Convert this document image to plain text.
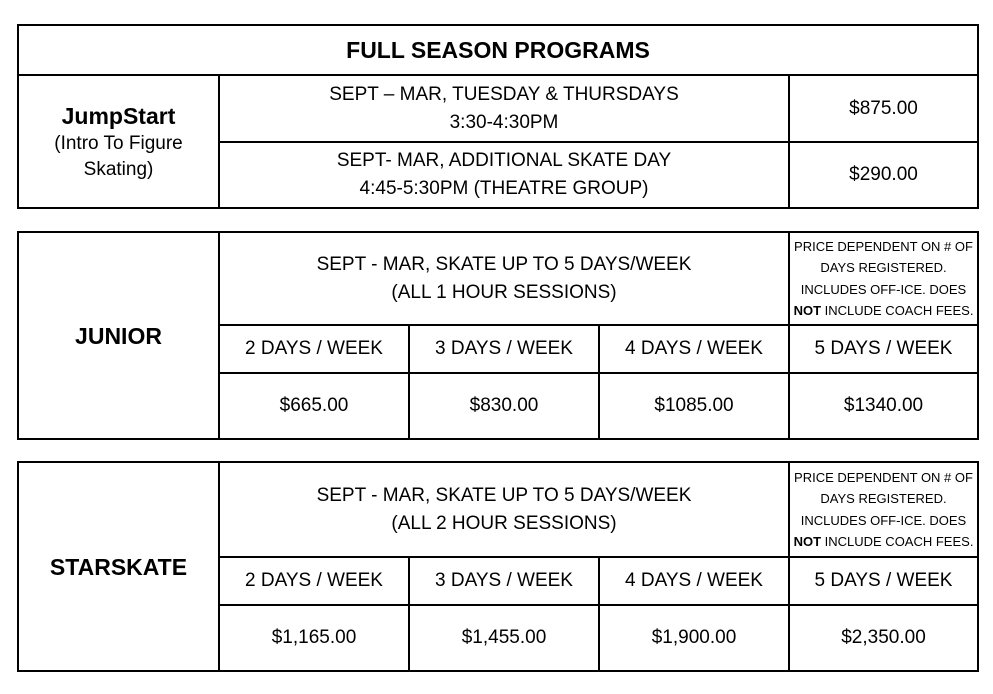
FULL SEASON PROGRAMS		

JumpStart
(Intro To Figure
Skating)	SEPT – MAR, TUESDAY & THURSDAYS
3:30-4:30PM	$875.00

	SEPT- MAR, ADDITIONAL SKATE DAY
4:45-5:30PM (THEATRE GROUP)	$290.00
JUNIOR	SEPT - MAR, SKATE UP TO 5 DAYS/WEEK
(ALL 1 HOUR SESSIONS)			PRICE DEPENDENT ON # OF
DAYS REGISTERED.
INCLUDES OFF-ICE. DOES
NOT INCLUDE COACH FEES.

	2 DAYS / WEEK	3 DAYS / WEEK	4 DAYS / WEEK	5 DAYS / WEEK
	$665.00	$830.00	$1085.00	$1340.00
STARSKATE	SEPT - MAR, SKATE UP TO 5 DAYS/WEEK
(ALL 2 HOUR SESSIONS)			PRICE DEPENDENT ON # OF
DAYS REGISTERED.
INCLUDES OFF-ICE. DOES
NOT INCLUDE COACH FEES.

	2 DAYS / WEEK	3 DAYS / WEEK	4 DAYS / WEEK	5 DAYS / WEEK
	$1,165.00	$1,455.00	$1,900.00	$2,350.00
